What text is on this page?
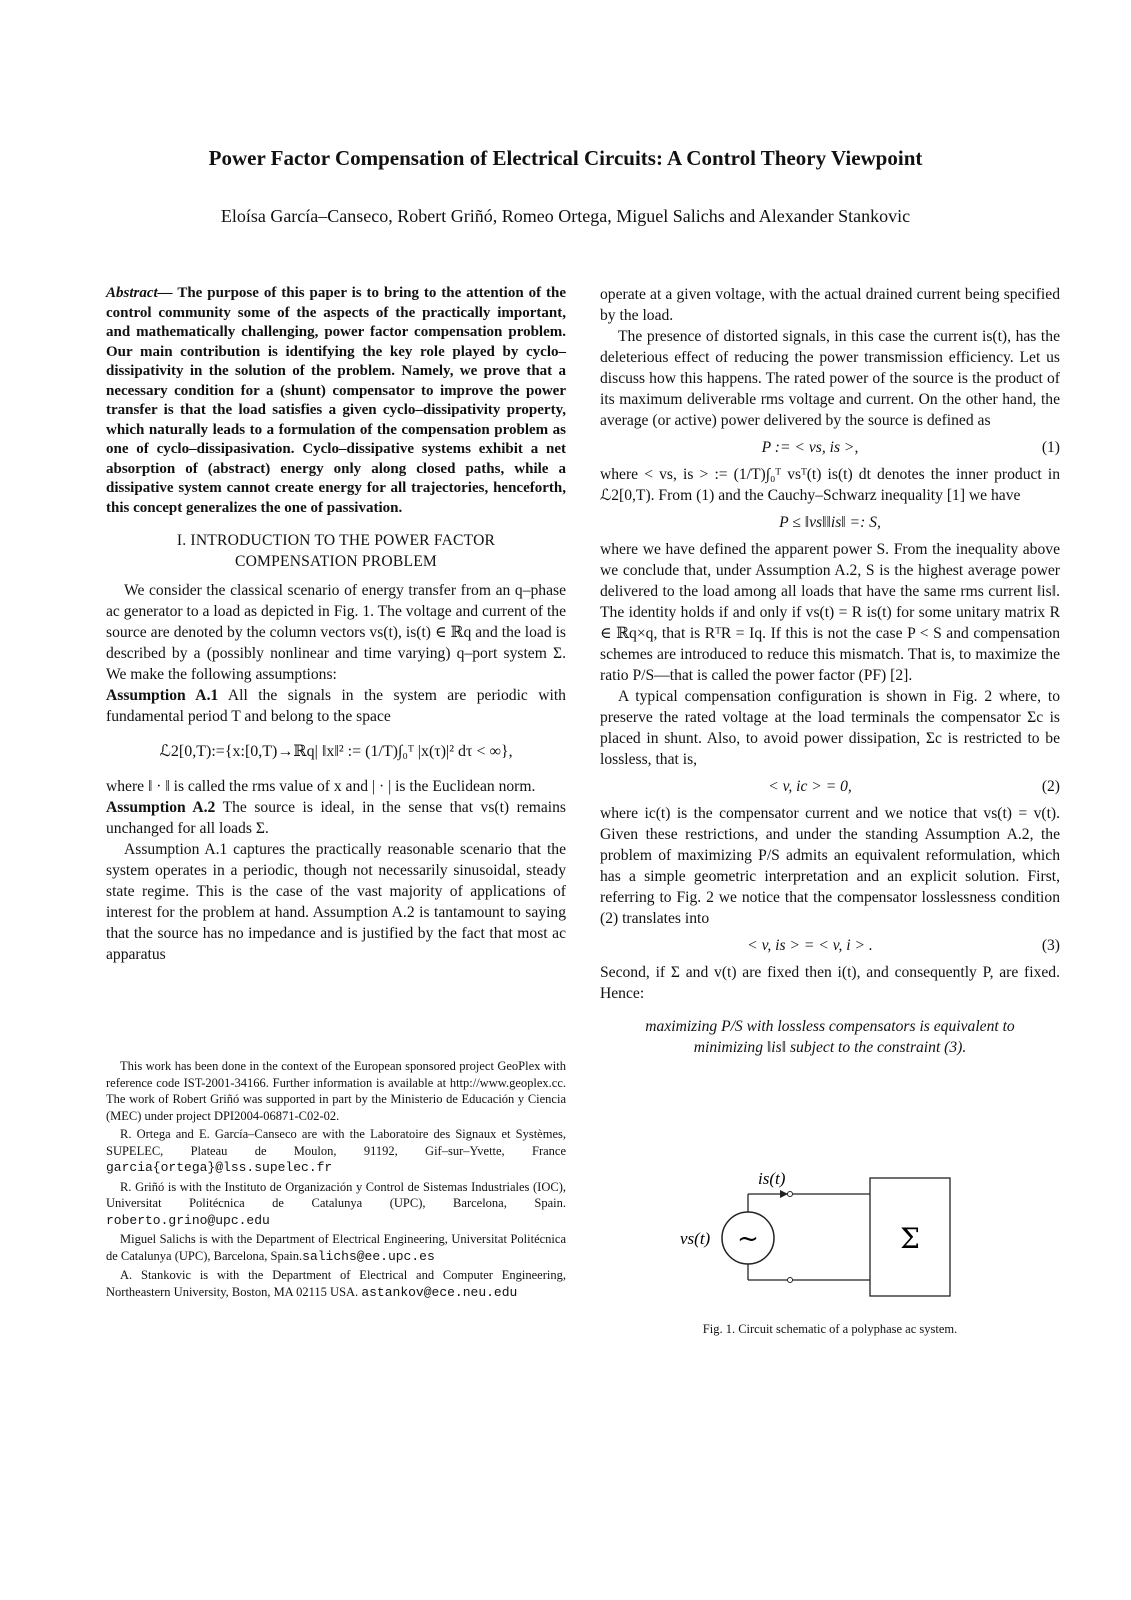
Power Factor Compensation of Electrical Circuits: A Control Theory Viewpoint
Eloísa García–Canseco, Robert Griñó, Romeo Ortega, Miguel Salichs and Alexander Stankovic

Abstract— The purpose of this paper is to bring to the attention of the control community some of the aspects of the practically important, and mathematically challenging, power factor compensation problem. Our main contribution is identifying the key role played by cyclo–dissipativity in the solution of the problem. Namely, we prove that a necessary condition for a (shunt) compensator to improve the power transfer is that the load satisfies a given cyclo–dissipativity property, which naturally leads to a formulation of the compensation problem as one of cyclo–dissipasivation. Cyclo–dissipative systems exhibit a net absorption of (abstract) energy only along closed paths, while a dissipative system cannot create energy for all trajectories, henceforth, this concept generalizes the one of passivation.

I. INTRODUCTION TO THE POWER FACTOR
COMPENSATION PROBLEM

We consider the classical scenario of energy transfer from an q–phase ac generator to a load as depicted in Fig. 1. The voltage and current of the source are denoted by the column vectors vs(t), is(t) ∈ ℝq and the load is described by a (possibly nonlinear and time varying) q–port system Σ. We make the following assumptions:

Assumption A.1 All the signals in the system are periodic with fundamental period T and belong to the space

ℒ2[0,T):={x:[0,T)→ℝq| ‖x‖² := (1/T)∫₀ᵀ |x(τ)|² dτ < ∞},

where ‖ · ‖ is called the rms value of x and | · | is the Euclidean norm.

Assumption A.2 The source is ideal, in the sense that vs(t) remains unchanged for all loads Σ.

Assumption A.1 captures the practically reasonable scenario that the system operates in a periodic, though not necessarily sinusoidal, steady state regime. This is the case of the vast majority of applications of interest for the problem at hand. Assumption A.2 is tantamount to saying that the source has no impedance and is justified by the fact that most ac apparatus

This work has been done in the context of the European sponsored project GeoPlex with reference code IST-2001-34166. Further information is available at http://www.geoplex.cc. The work of Robert Griñó was supported in part by the Ministerio de Educación y Ciencia (MEC) under project DPI2004-06871-C02-02.

R. Ortega and E. García–Canseco are with the Laboratoire des Signaux et Systèmes, SUPELEC, Plateau de Moulon, 91192, Gif–sur–Yvette, France garcia{ortega}@lss.supelec.fr

R. Griñó is with the Instituto de Organización y Control de Sistemas Industriales (IOC), Universitat Politécnica de Catalunya (UPC), Barcelona, Spain. roberto.grino@upc.edu

Miguel Salichs is with the Department of Electrical Engineering, Universitat Politécnica de Catalunya (UPC), Barcelona, Spain.salichs@ee.upc.es

A. Stankovic is with the Department of Electrical and Computer Engineering, Northeastern University, Boston, MA 02115 USA. astankov@ece.neu.edu

operate at a given voltage, with the actual drained current being specified by the load.

The presence of distorted signals, in this case the current is(t), has the deleterious effect of reducing the power transmission efficiency. Let us discuss how this happens. The rated power of the source is the product of its maximum deliverable rms voltage and current. On the other hand, the average (or active) power delivered by the source is defined as

P := < vs, is >,	(1)

where < vs, is > := (1/T)∫₀ᵀ vsᵀ(t) is(t) dt denotes the inner product in ℒ2[0,T). From (1) and the Cauchy–Schwarz inequality [1] we have

P ≤ ‖vs‖‖is‖ =: S,

where we have defined the apparent power S. From the inequality above we conclude that, under Assumption A.2, S is the highest average power delivered to the load among all loads that have the same rms current ‖is‖. The identity holds if and only if vs(t) = R is(t) for some unitary matrix R ∈ ℝq×q, that is RᵀR = Iq. If this is not the case P < S and compensation schemes are introduced to reduce this mismatch. That is, to maximize the ratio P/S—that is called the power factor (PF) [2].

A typical compensation configuration is shown in Fig. 2 where, to preserve the rated voltage at the load terminals the compensator Σc is placed in shunt. Also, to avoid power dissipation, Σc is restricted to be lossless, that is,

< v, ic > = 0,	(2)

where ic(t) is the compensator current and we notice that vs(t) = v(t). Given these restrictions, and under the standing Assumption A.2, the problem of maximizing P/S admits an equivalent reformulation, which has a simple geometric interpretation and an explicit solution. First, referring to Fig. 2 we notice that the compensator losslessness condition (2) translates into

< v, is > = < v, i > .	(3)

Second, if Σ and v(t) are fixed then i(t), and consequently P, are fixed. Hence:

maximizing P/S with lossless compensators is equivalent to minimizing ‖is‖ subject to the constraint (3).

is(t)
vs(t) ~	Σ
Fig. 1. Circuit schematic of a polyphase ac system.
